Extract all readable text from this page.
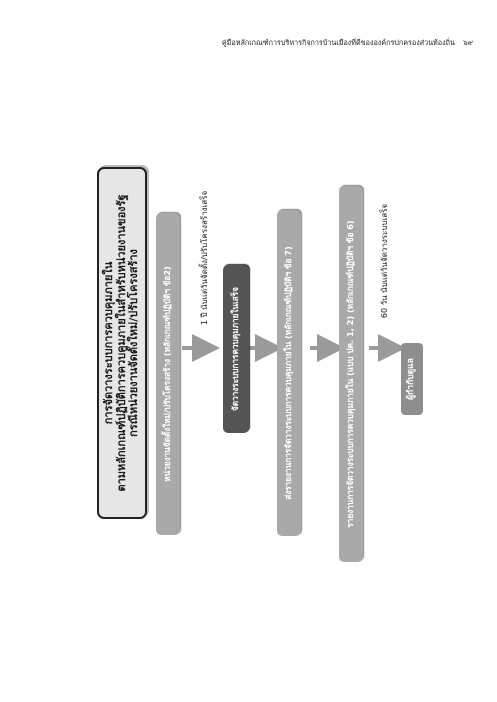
คู่มือหลักเกณฑ์การบริหารกิจการบ้านเมืองที่ดีขององค์กรปกครองส่วนท้องถิ่น ๖๙
การจัดวางระบบการควบคุมภายใน ตามหลักเกณฑ์ปฏิบัติการควบคุมภายในสำหรับหน่วยงานของรัฐ กรณีหน่วยงานจัดตั้งใหม่/ปรับโครงสร้าง	หน่วยงานจัดตั้งใหม่/ปรับโครงสร้าง (หลักเกณฑ์ปฏิบัติฯ ข้อ2)
1 ปี นับแต่วันจัดตั้ง/ปรับโครงสร้างเสร็จ
จัดวางระบบการควบคุมภายในเสร็จ	ส่งรายงานการจัดวางระบบการควบคุมภายใน (หลักเกณฑ์ปฏิบัติฯ ข้อ 7)	รายงานการจัดวางระบบการควบคุมภายใน (แบบ ปค. 1, 2) (หลักเกณฑ์ปฏิบัติฯ ข้อ 6)	60 วัน นับแต่วันจัดวางระบบเสร็จ
ผู้กำกับดูแล
